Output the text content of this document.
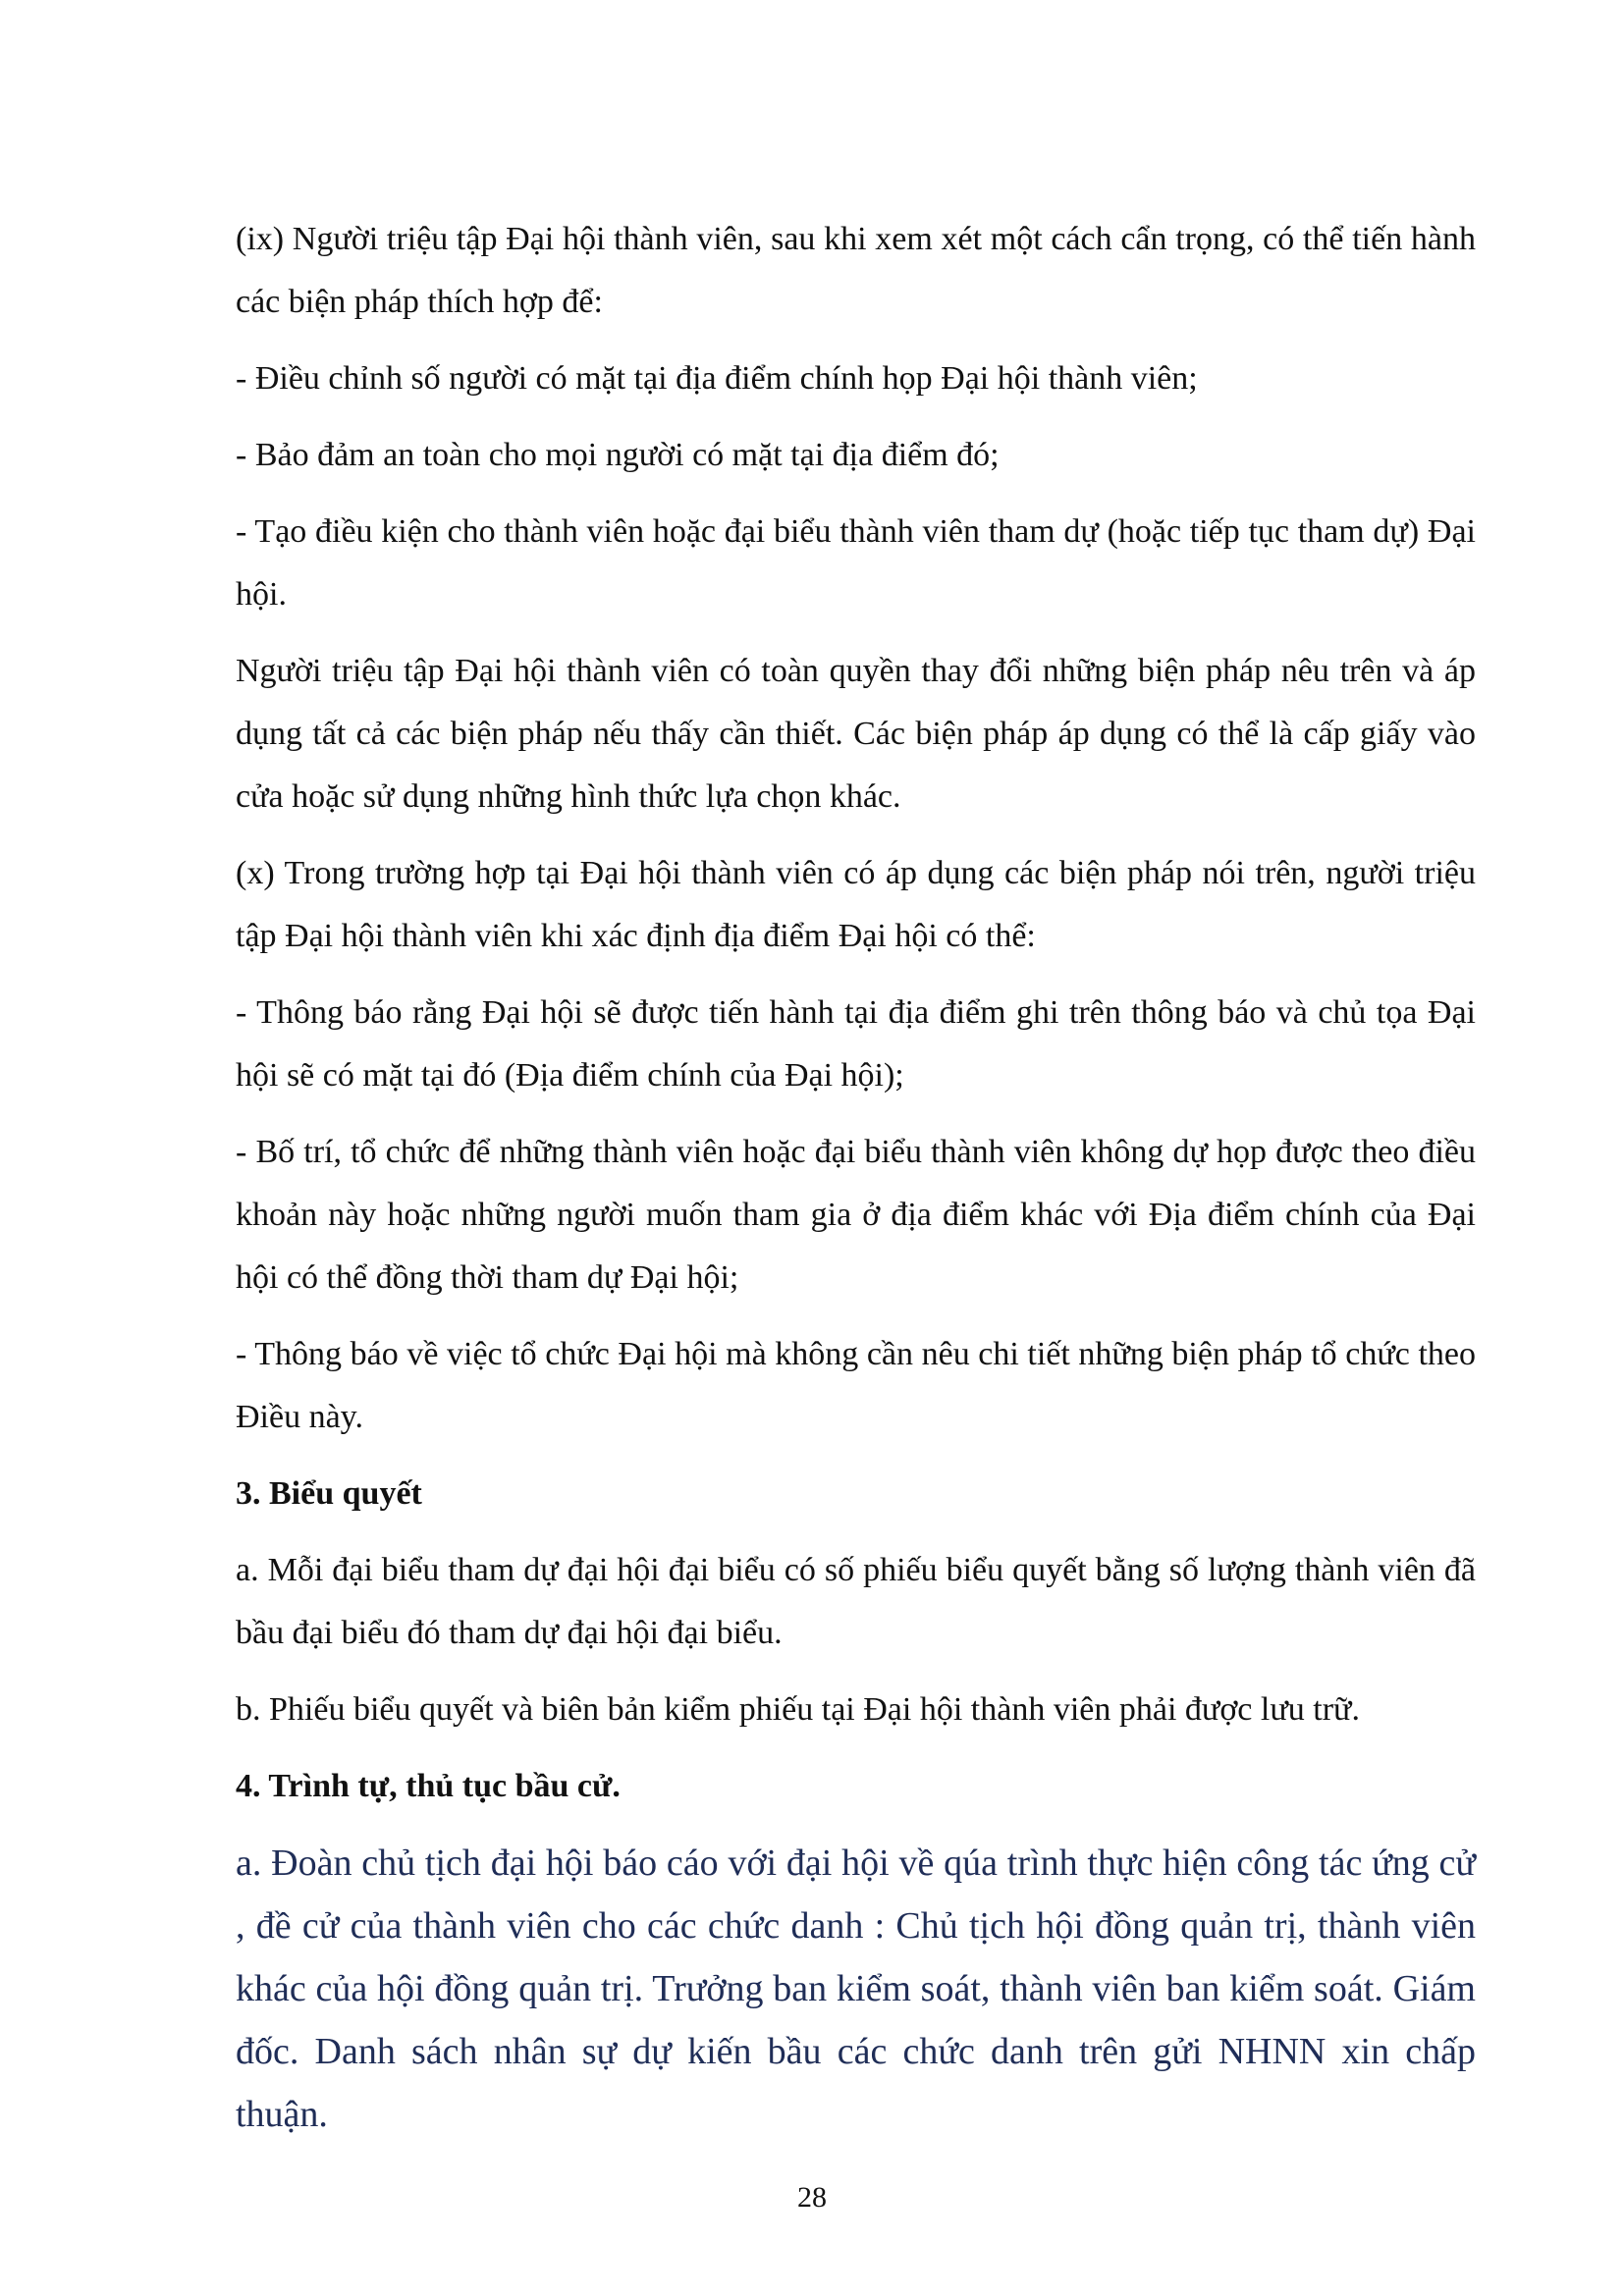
(ix) Người triệu tập Đại hội thành viên, sau khi xem xét một cách cẩn trọng, có thể tiến hành các biện pháp thích hợp để:

- Điều chỉnh số người có mặt tại địa điểm chính họp Đại hội thành viên;

- Bảo đảm an toàn cho mọi người có mặt tại địa điểm đó;

- Tạo điều kiện cho thành viên hoặc đại biểu thành viên tham dự (hoặc tiếp tục tham dự) Đại hội.

Người triệu tập Đại hội thành viên có toàn quyền thay đổi những biện pháp nêu trên và áp dụng tất cả các biện pháp nếu thấy cần thiết. Các biện pháp áp dụng có thể là cấp giấy vào cửa hoặc sử dụng những hình thức lựa chọn khác.

(x) Trong trường hợp tại Đại hội thành viên có áp dụng các biện pháp nói trên, người triệu tập Đại hội thành viên khi xác định địa điểm Đại hội có thể:

- Thông báo rằng Đại hội sẽ được tiến hành tại địa điểm ghi trên thông báo và chủ tọa Đại hội sẽ có mặt tại đó (Địa điểm chính của Đại hội);

- Bố trí, tổ chức để những thành viên hoặc đại biểu thành viên không dự họp được theo điều khoản này hoặc những người muốn tham gia ở địa điểm khác với Địa điểm chính của Đại hội có thể đồng thời tham dự Đại hội;

- Thông báo về việc tổ chức Đại hội mà không cần nêu chi tiết những biện pháp tổ chức theo Điều này.

3. Biểu quyết

a. Mỗi đại biểu tham dự đại hội đại biểu có số phiếu biểu quyết bằng số lượng thành viên đã bầu đại biểu đó tham dự đại hội đại biểu.

b. Phiếu biểu quyết và biên bản kiểm phiếu tại Đại hội thành viên phải được lưu trữ.

4. Trình tự, thủ tục bầu cử.

a. Đoàn chủ tịch đại hội báo cáo với đại hội về qúa trình thực hiện công tác ứng cử , đề cử của thành viên cho các chức danh : Chủ tịch hội đồng quản trị, thành viên khác của hội đồng quản trị. Trưởng ban kiểm soát, thành viên ban kiểm soát. Giám đốc. Danh sách nhân sự dự kiến bầu các chức danh trên gửi NHNN xin chấp thuận.

28
